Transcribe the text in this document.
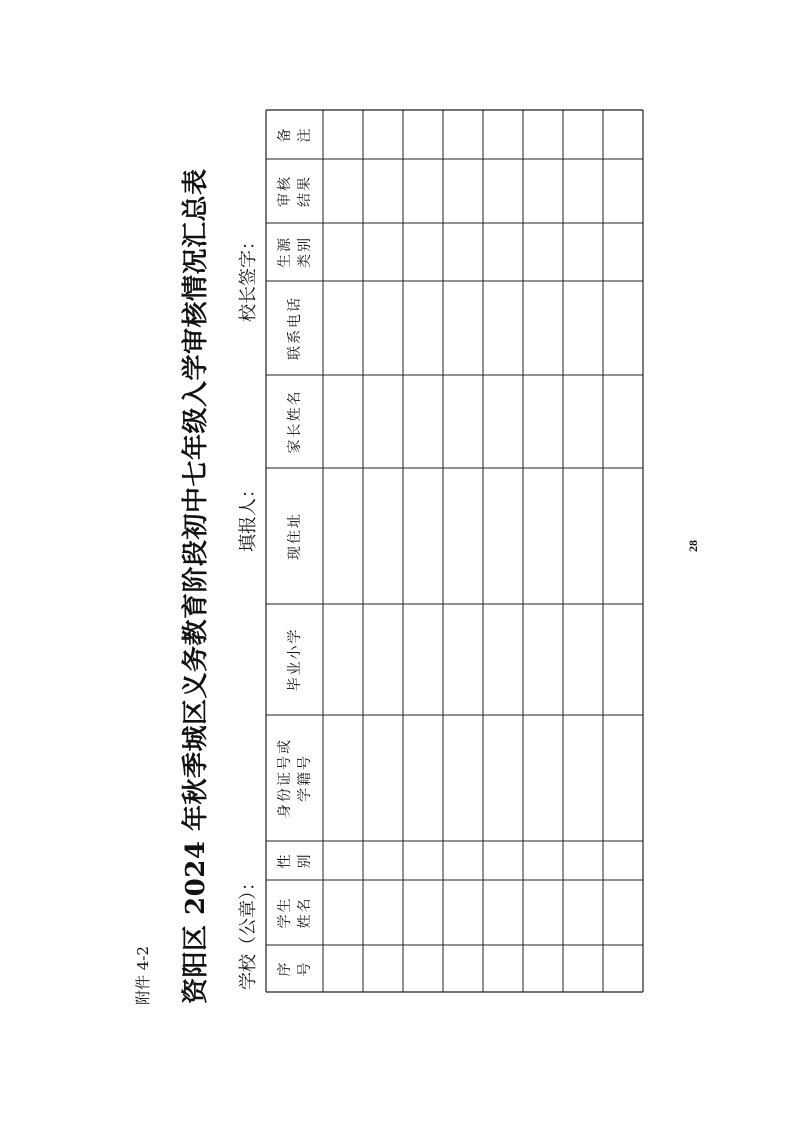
附件 4-2 资阳区 2024 年秋季城区义务教育阶段初中七年级入学审核情况汇总表 学校（公章）：
填报人：
校长签字：
序 号
学生 姓名
性 别
身份证号或 学籍号
毕业小学
现住址
家长姓名
联系电话
生源 类别
审核 结果
备 注
28
